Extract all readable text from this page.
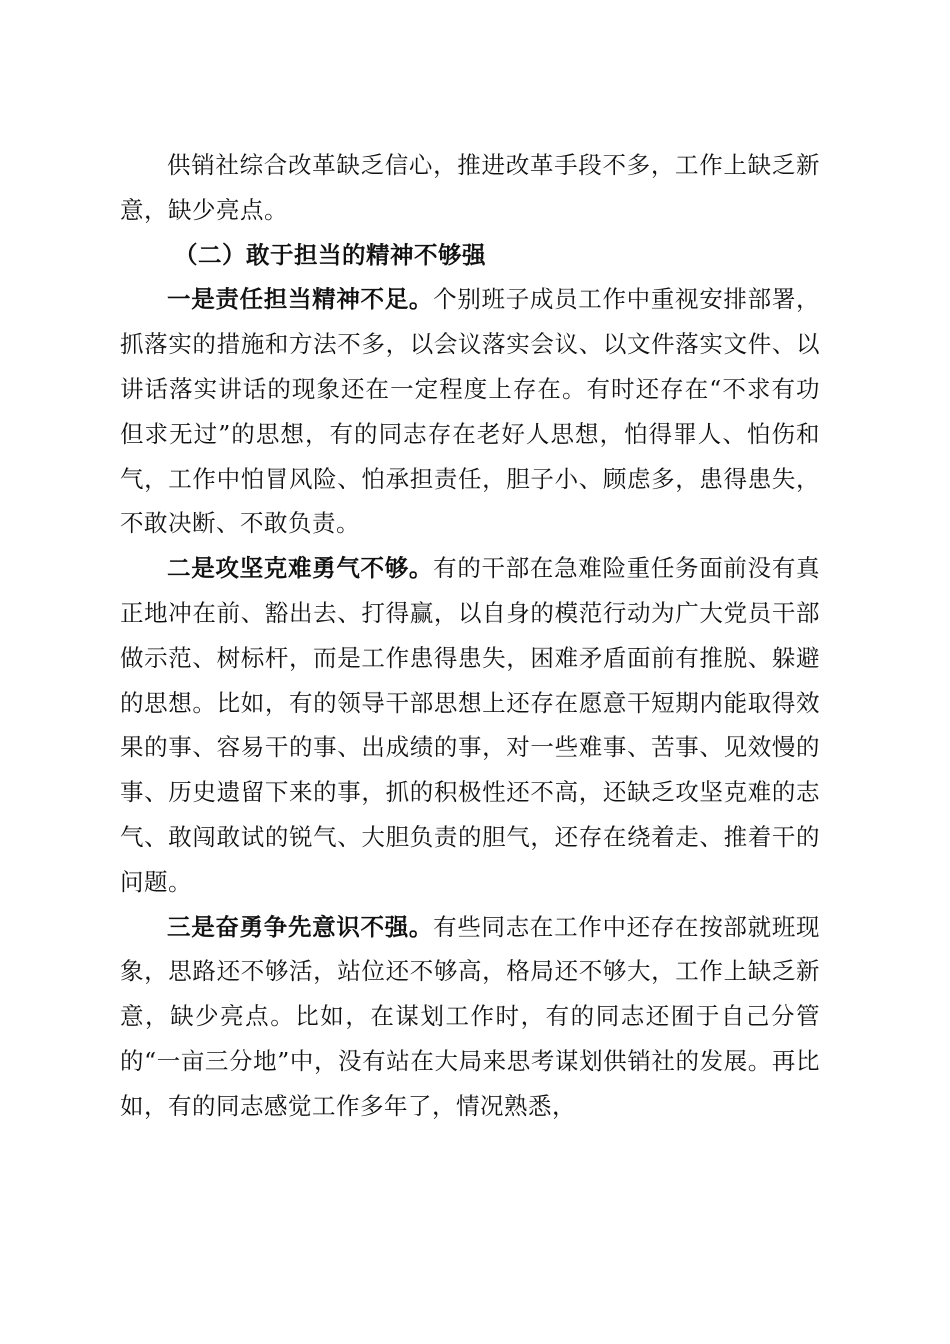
供销社综合改革缺乏信心，推进改革手段不多，工作上缺乏新意，缺少亮点。

（二）敢于担当的精神不够强

一是责任担当精神不足。个别班子成员工作中重视安排部署，抓落实的措施和方法不多，以会议落实会议、以文件落实文件、以讲话落实讲话的现象还在一定程度上存在。有时还存在“不求有功但求无过”的思想，有的同志存在老好人思想，怕得罪人、怕伤和气，工作中怕冒风险、怕承担责任，胆子小、顾虑多，患得患失，不敢决断、不敢负责。

二是攻坚克难勇气不够。有的干部在急难险重任务面前没有真正地冲在前、豁出去、打得赢，以自身的模范行动为广大党员干部做示范、树标杆，而是工作患得患失，困难矛盾面前有推脱、躲避的思想。比如，有的领导干部思想上还存在愿意干短期内能取得效果的事、容易干的事、出成绩的事，对一些难事、苦事、见效慢的事、历史遗留下来的事，抓的积极性还不高，还缺乏攻坚克难的志气、敢闯敢试的锐气、大胆负责的胆气，还存在绕着走、推着干的问题。

三是奋勇争先意识不强。有些同志在工作中还存在按部就班现象，思路还不够活，站位还不够高，格局还不够大，工作上缺乏新意，缺少亮点。比如，在谋划工作时，有的同志还囿于自己分管的“一亩三分地”中，没有站在大局来思考谋划供销社的发展。再比如，有的同志感觉工作多年了，情况熟悉，
